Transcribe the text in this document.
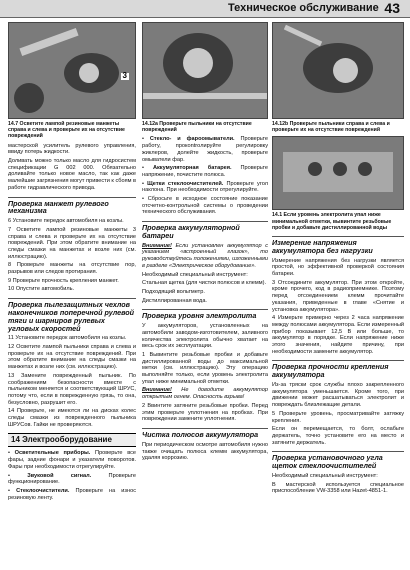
Техническое обслуживание 43
3
14.7 Осветите лампой резиновые манжеты справа и слева и проверьте их на отсутствие повреждений

мастерской усилитель рулевого управления, ввиду потерь жидкости.

Доливать можно только масло для гидросистем спецификации G 002 000. Обязательно доливайте только новое масло, так как даже малейшие загрязнения могут привести к сбоям в работе гидравлического привода.

Проверка манжет рулевого механизма

6 Установите передок автомобиля на козлы.

7 Осветите лампой резиновые манжеты 3 справа и слева и проверьте их на отсутствие повреждений. При этом обратите внимание на следы смазки на манжетах и возле них (см. иллюстрацию).

8 Проверьте манжеты на отсутствие пор, разрывов или следов протирания.

9 Проверьте прочность крепления манжет.

10 Опустите автомобиль.

Проверка пылезащитных чехлов наконечников поперечной рулевой тяги и шарниров рулевых угловых скоростей

11 Установите передок автомобиля на козлы.

12 Осветите лампой пыльники справа и слева и проверьте их на отсутствие повреждений. При этом обратите внимание на следы смазки на манжетах и возле них (см. иллюстрацию).

13 Замените поврежденный пыльник. По соображениям безопасности вместе с пыльником меняется и соответствующий ШРУС, потому что, если в поврежденную грязь, то она, безусловно, разрушит его.

14 Проверьте, не имеются ли на дисках колес следы смазки из поврежденного пыльника ШРУСов. Гайки не проверяются.

14 Электрооборудование

• Осветительные приборы. Проверьте все фары, задние фонари и указатели поворотов. Фары при необходимости отрегулируйте.

• Звуковой сигнал.	Проверьте функционирование.

• Стеклоочистители. Проверьте на износ резиновую ленту.

14.12a Проверьте пыльники на отсутствие повреждений

• Стекло- и фароомыватели. Проверьте работу, прокontroлируйте регулировку жиклеров, долейте жидкость, проверьте омыватели фар.

• Аккумуляторная батарея. Проверьте напряжение, почистите полюса.

• Щетки стеклоочистителей. Проверьте угол наклона. При необходимости отрегулируйте.

• Сбросьте в исходное состояние показание отсчетно-контрольной системы о проведении технического обслуживания.

Проверка аккумуляторной батареи

Внимание! Если установлен аккумулятор с указанием «встроенный глазок», то руководствуйтесь положениями, изложенными в разделе «Электрическое оборудование».

Необходимый специальный инструмент:

Стальная щетка (для чистки полюсов и клемм).

Подходящий вольтметр.

Дистиллированная вода.

Проверка уровня электролита

У аккумуляторов, установленных на автомобили заводом-изготовителем, заливного количества электролита обычно хватает на весь срок их эксплуатации.

1 Вывинтите резьбовые пробки и добавьте дистиллированной воды до максимальной метки (см. иллюстрацию). Эту операцию выполняйте только, если уровень электролита упал ниже минимальной отметки.

Внимание! Не доводите аккумулятор открытым огнем. Опасность взрыва!

2 Ввинтите затяните резьбовые пробки. Перед этим проверьте уплотнения на пробках. При повреждении замените уплотнения.

Чистка полюсов аккумулятора

При периодическом осмотре автомобиля нужно также очищать полюса клемм аккумулятора, удаляя коррозию.

14.12b Проверьте пыльники справа и слева и проверьте их на отсутствие повреждений
14.1 Если уровень электролита упал ниже минимальной отметки, вывинтите резьбовые пробки и добавьте дистиллированной воды
Измерение напряжения аккумулятора без нагрузки

Измерение напряжения без нагрузки является простой, но эффективной проверкой состояния батареи.

3 Отсоедините аккумулятор. При этом откройте, кроме прочего, код в радиоприемнике. Поэтому перед отсоединением клемм прочитайте указания, приведенные в главе «Снятие и установка аккумулятора».

4 Измерьте примерно через 2 часа напряжение между полюсами аккумулятора. Если измеренный прибор показывает 12,5 В или больше, то аккумулятор в порядке. Если напряжение ниже этого значения, найдите причину, при необходимости замените аккумулятор.

Проверка прочности крепления аккумулятора

Из-за тряски срок службы плохо закрепленного аккумулятора уменьшается. Кроме того, при движении может расшатываться электролит и повреждать близлежащие детали.

5 Проверьте уровень, просматривайте затяжку крепления.

Если он перемещается, то болт, ослабьте держатель, точно установите его на место и затяните держатель.

Проверка установочного угла щеток стеклоочистителей

Необходимый специальный инструмент:

В мастерской используется специальное приспособление VW-3358 или Hazet-4851-1.
